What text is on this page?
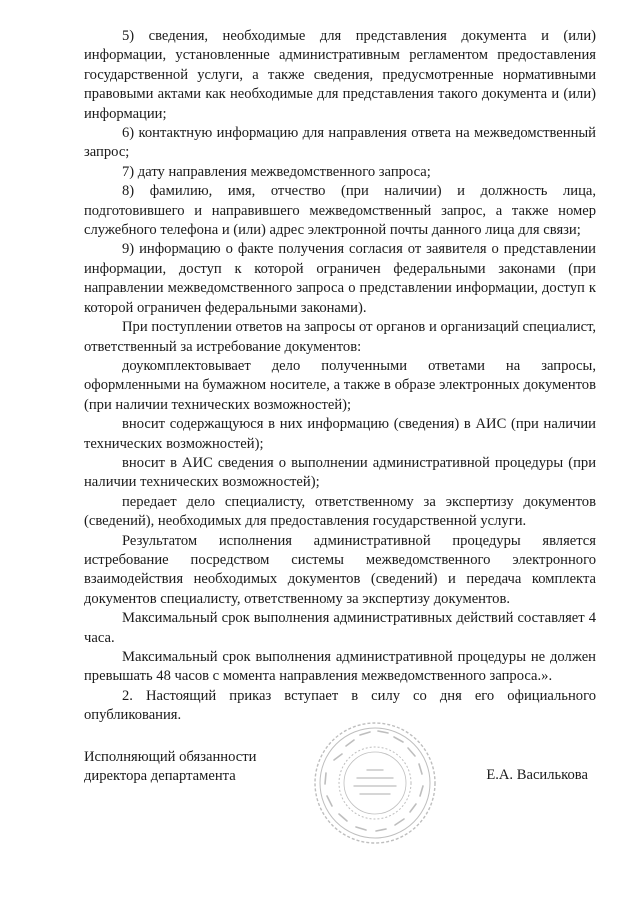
5) сведения, необходимые для представления документа и (или) информации, установленные административным регламентом предоставления государственной услуги, а также сведения, предусмотренные нормативными правовыми актами как необходимые для представления такого документа и (или) информации;

6) контактную информацию для направления ответа на межведомственный запрос;

7) дату направления межведомственного запроса;

8) фамилию, имя, отчество (при наличии) и должность лица, подготовившего и направившего межведомственный запрос, а также номер служебного телефона и (или) адрес электронной почты данного лица для связи;

9) информацию о факте получения согласия от заявителя о представлении информации, доступ к которой ограничен федеральными законами (при направлении межведомственного запроса о представлении информации, доступ к которой ограничен федеральными законами).

При поступлении ответов на запросы от органов и организаций специалист, ответственный за истребование документов:

доукомплектовывает дело полученными ответами на запросы, оформленными на бумажном носителе, а также в образе электронных документов (при наличии технических возможностей);

вносит содержащуюся в них информацию (сведения) в АИС (при наличии технических возможностей);

вносит в АИС сведения о выполнении административной процедуры (при наличии технических возможностей);

передает дело специалисту, ответственному за экспертизу документов (сведений), необходимых для предоставления государственной услуги.

Результатом исполнения административной процедуры является истребование посредством системы межведомственного электронного взаимодействия необходимых документов (сведений) и передача комплекта документов специалисту, ответственному за экспертизу документов.

Максимальный срок выполнения административных действий составляет 4 часа.

Максимальный срок выполнения административной процедуры не должен превышать 48 часов с момента направления межведомственного запроса.».

2. Настоящий приказ вступает в силу со дня его официального опубликования.

Исполняющий обязанности
директора департамента	Е.А. Василькова
